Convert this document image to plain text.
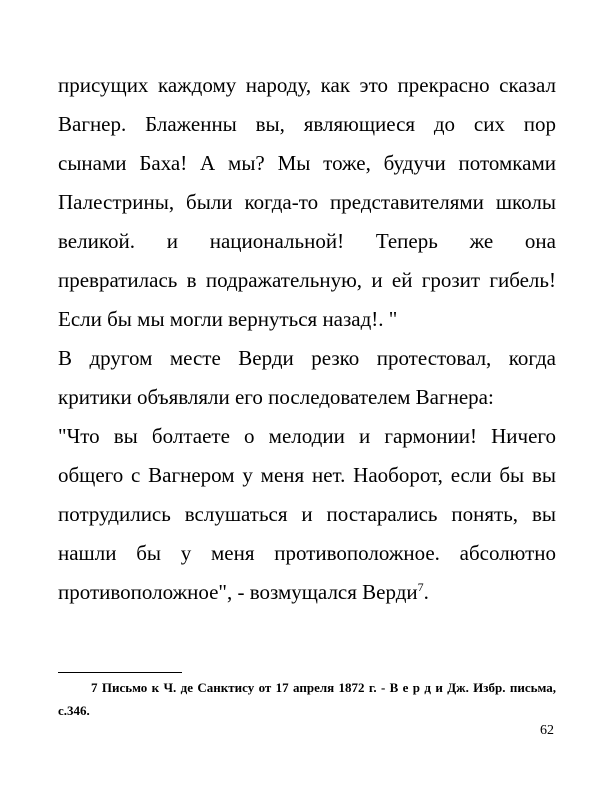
присущих каждому народу, как это прекрасно сказал
Вагнер. Блаженны вы, являющиеся до сих пор
сынами Баха! А мы? Мы тоже, будучи потомками
Палестрины, были когда-то представителями школы
великой. и национальной! Теперь же она
превратилась в подражательную, и ей грозит гибель!
Если бы мы могли вернуться назад!. "
В другом месте Верди резко протестовал, когда
критики объявляли его последователем Вагнера:
"Что вы болтаете о мелодии и гармонии! Ничего
общего с Вагнером у меня нет. Наоборот, если бы вы
потрудились вслушаться и постарались понять, вы
нашли бы у меня противоположное. абсолютно
противоположное", - возмущался Верди$^7$.
7 Письмо к Ч. де Санктису от 17 апреля 1872 г. - В е р д и Дж. Избр. письма,
с.346.
62
